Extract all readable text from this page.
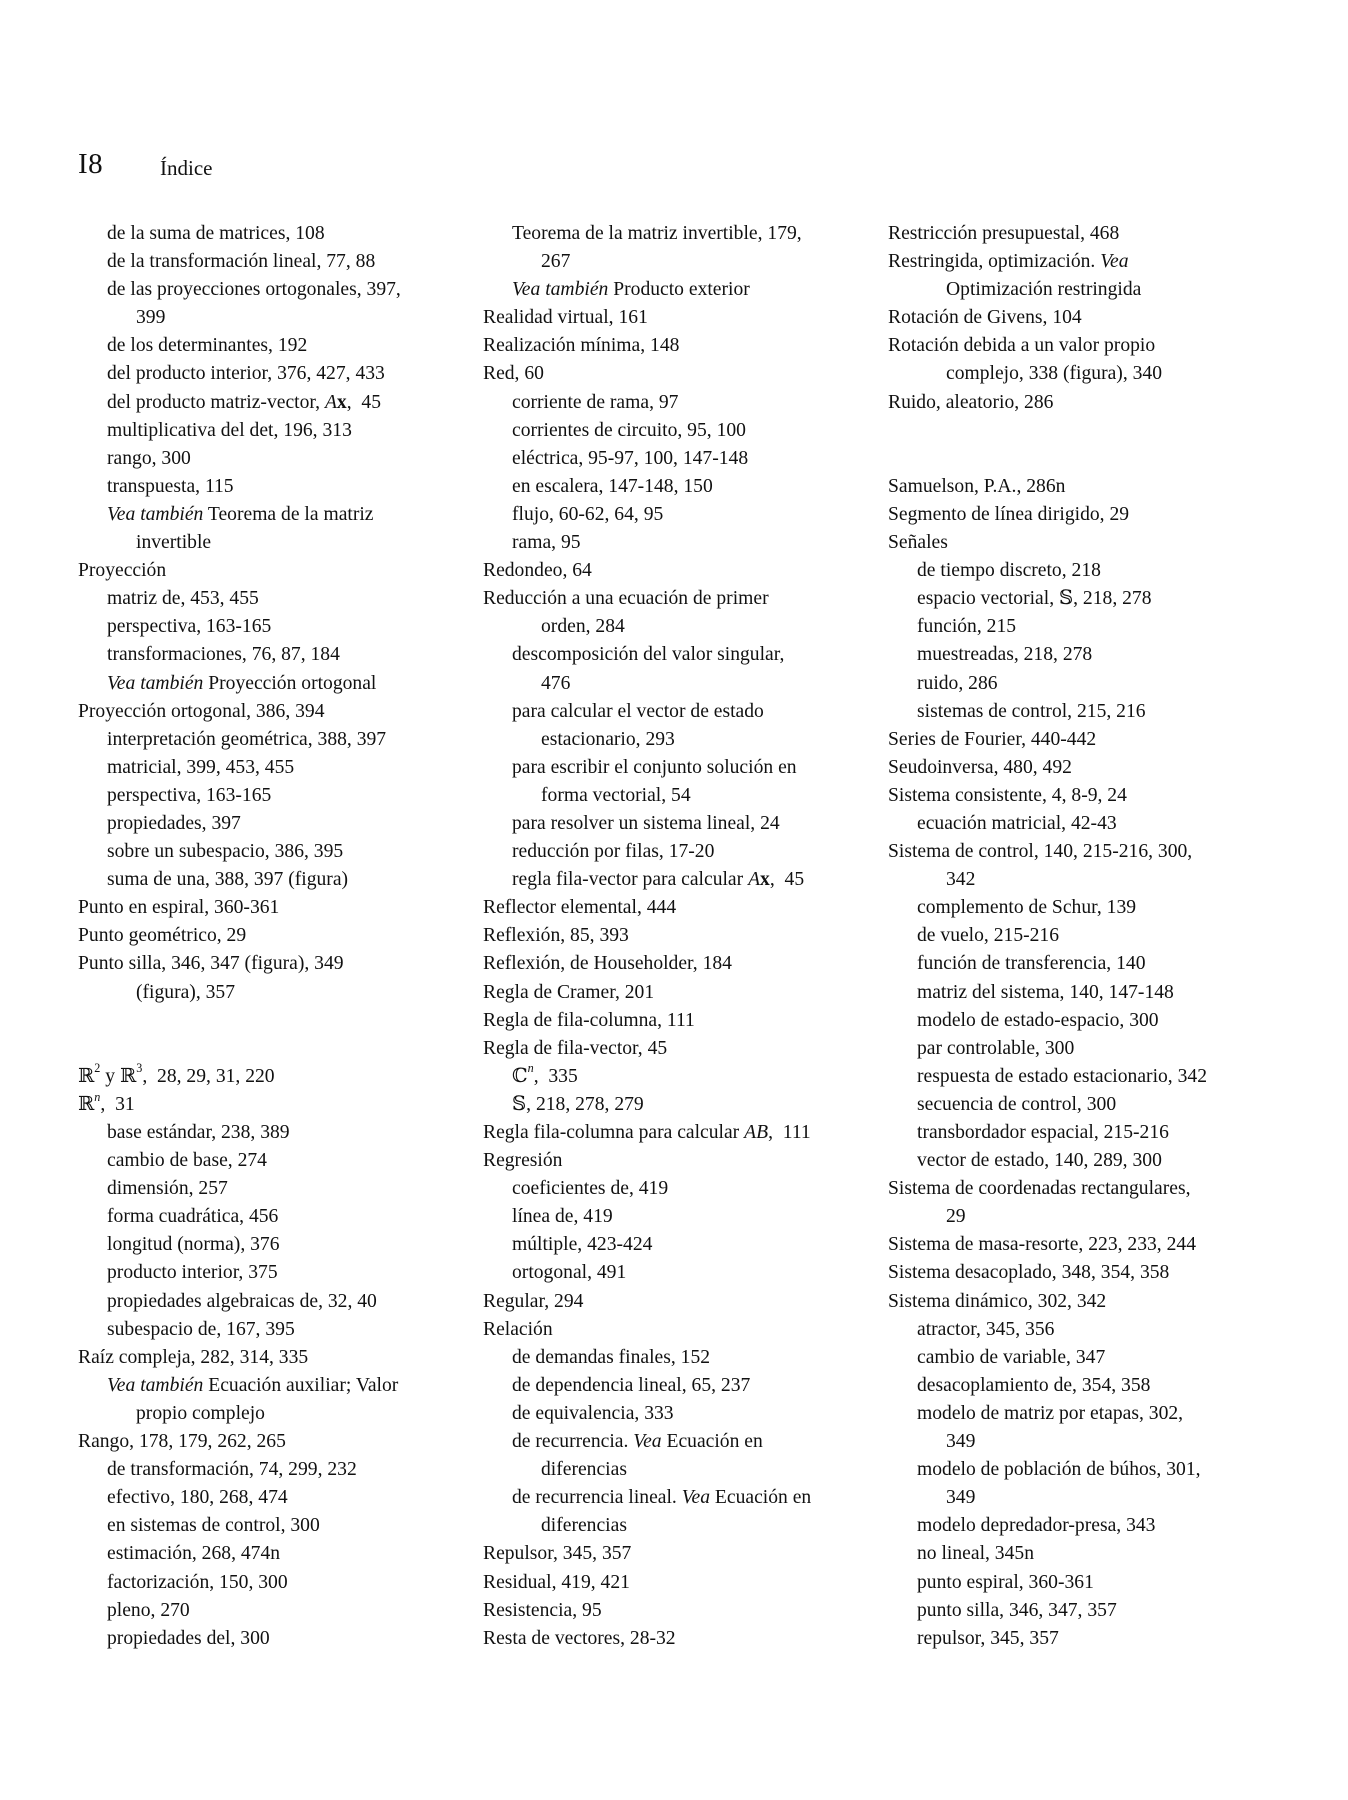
I8	Índice
de la suma de matrices, 108
de la transformación lineal, 77, 88
de las proyecciones ortogonales, 397,
399
de los determinantes, 192
del producto interior, 376, 427, 433
del producto matriz-vector, Ax,  45
multiplicativa del det, 196, 313
rango, 300
transpuesta, 115
Vea también Teorema de la matriz
invertible
Proyección
matriz de, 453, 455
perspectiva, 163-165
transformaciones, 76, 87, 184
Vea también Proyección ortogonal
Proyección ortogonal, 386, 394
interpretación geométrica, 388, 397
matricial, 399, 453, 455
perspectiva, 163-165
propiedades, 397
sobre un subespacio, 386, 395
suma de una, 388, 397 (figura)
Punto en espiral, 360-361
Punto geométrico, 29
Punto silla, 346, 347 (figura), 349
(figura), 357
ℝ$^2$ y ℝ$^3$,  28, 29, 31, 220
ℝ$^n$,  31
base estándar, 238, 389
cambio de base, 274
dimensión, 257
forma cuadrática, 456
longitud (norma), 376
producto interior, 375
propiedades algebraicas de, 32, 40
subespacio de, 167, 395
Raíz compleja, 282, 314, 335
Vea también Ecuación auxiliar; Valor
propio complejo
Rango, 178, 179, 262, 265
de transformación, 74, 299, 232
efectivo, 180, 268, 474
en sistemas de control, 300
estimación, 268, 474n
factorización, 150, 300
pleno, 270
propiedades del, 300
Teorema de la matriz invertible, 179,
267
Vea también Producto exterior
Realidad virtual, 161
Realización mínima, 148
Red, 60
corriente de rama, 97
corrientes de circuito, 95, 100
eléctrica, 95-97, 100, 147-148
en escalera, 147-148, 150
flujo, 60-62, 64, 95
rama, 95
Redondeo, 64
Reducción a una ecuación de primer
orden, 284
descomposición del valor singular,
476
para calcular el vector de estado
estacionario, 293
para escribir el conjunto solución en
forma vectorial, 54
para resolver un sistema lineal, 24
reducción por filas, 17-20
regla fila-vector para calcular Ax,  45
Reflector elemental, 444
Reflexión, 85, 393
Reflexión, de Householder, 184
Regla de Cramer, 201
Regla de fila-columna, 111
Regla de fila-vector, 45
ℂ$^n$,  335
𝕊, 218, 278, 279
Regla fila-columna para calcular AB,  111
Regresión
coeficientes de, 419
línea de, 419
múltiple, 423-424
ortogonal, 491
Regular, 294
Relación
de demandas finales, 152
de dependencia lineal, 65, 237
de equivalencia, 333
de recurrencia. Vea Ecuación en
diferencias
de recurrencia lineal. Vea Ecuación en
diferencias
Repulsor, 345, 357
Residual, 419, 421
Resistencia, 95
Resta de vectores, 28-32
Restricción presupuestal, 468
Restringida, optimización. Vea
Optimización restringida
Rotación de Givens, 104
Rotación debida a un valor propio
complejo, 338 (figura), 340
Ruido, aleatorio, 286
Samuelson, P.A., 286n
Segmento de línea dirigido, 29
Señales
de tiempo discreto, 218
espacio vectorial, 𝕊, 218, 278
función, 215
muestreadas, 218, 278
ruido, 286
sistemas de control, 215, 216
Series de Fourier, 440-442
Seudoinversa, 480, 492
Sistema consistente, 4, 8-9, 24
ecuación matricial, 42-43
Sistema de control, 140, 215-216, 300,
342
complemento de Schur, 139
de vuelo, 215-216
función de transferencia, 140
matriz del sistema, 140, 147-148
modelo de estado-espacio, 300
par controlable, 300
respuesta de estado estacionario, 342
secuencia de control, 300
transbordador espacial, 215-216
vector de estado, 140, 289, 300
Sistema de coordenadas rectangulares,
29
Sistema de masa-resorte, 223, 233, 244
Sistema desacoplado, 348, 354, 358
Sistema dinámico, 302, 342
atractor, 345, 356
cambio de variable, 347
desacoplamiento de, 354, 358
modelo de matriz por etapas, 302,
349
modelo de población de búhos, 301,
349
modelo depredador-presa, 343
no lineal, 345n
punto espiral, 360-361
punto silla, 346, 347, 357
repulsor, 345, 357
